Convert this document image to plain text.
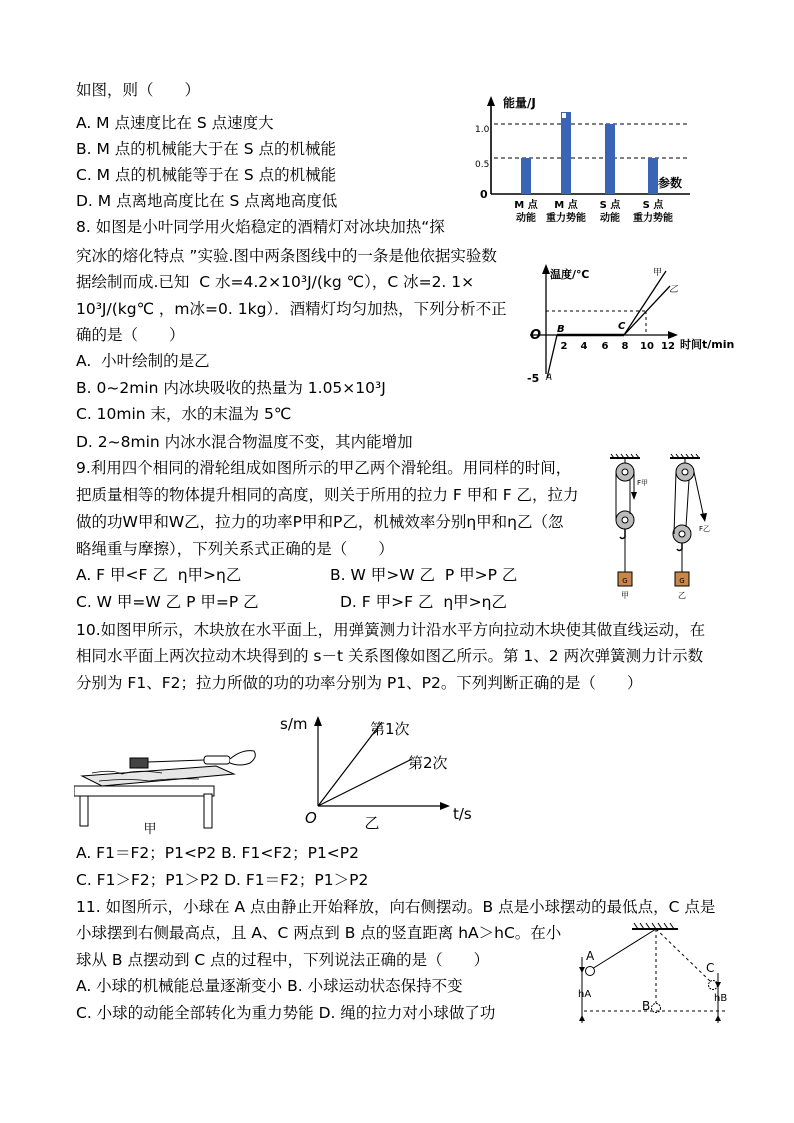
如图，则（　　）
A. M 点速度比在 S 点速度大
B. M 点的机械能大于在 S 点的机械能
C. M 点的机械能等于在 S 点的机械能
D. M 点离地高度比在 S 点离地高度低
能量/J
1.0
0.5
0
参数
M 点
动能
M 点
重力势能
S 点
动能
S 点
重力势能
8. 如图是小叶同学用火焰稳定的酒精灯对冰块加热“探
究冰的熔化特点 ”实验.图中两条图线中的一条是他依据实验数
据绘制而成.已知  C 水=4.2×10³J/(kg ℃），C 冰=2. 1×
10³J/(kg℃ ，m冰=0. 1kg）．酒精灯均匀加热，下列分析不正
确的是（　　）
A.  小叶绘制的是乙
B. 0~2min 内冰块吸收的热量为 1.05×10³J
C. 10min 末，水的末温为 5℃
D. 2~8min 内冰水混合物温度不变，其内能增加
温度/℃
时间t/min
O
2 4 6 8 10 12
-5 A
B	C
甲
乙
9.利用四个相同的滑轮组成如图所示的甲乙两个滑轮组。用同样的时间，
把质量相等的物体提升相同的高度，则关于所用的拉力 F 甲和 F 乙，拉力
做的功W甲和W乙，拉力的功率P甲和P乙，机械效率分别η甲和η乙（忽
略绳重与摩擦），下列关系式正确的是（　　）
A. F 甲<F 乙  η甲>η乙	B. W 甲>W 乙  P 甲>P 乙
C. W 甲=W 乙 P 甲=P 乙	D. F 甲>F 乙  η甲>η乙
F甲
G
甲
F乙
G
乙
10.如图甲所示，木块放在水平面上，用弹簧测力计沿水平方向拉动木块使其做直线运动，在
相同水平面上两次拉动木块得到的 s－t 关系图像如图乙所示。第 1、2 两次弹簧测力计示数
分别为 F1、F2；拉力所做的功的功率分别为 P1、P2。下列判断正确的是（　　）
甲
s/m
t/s
O
第1次
第2次
乙
A. F1＝F2；P1<P2 B. F1<F2；P1<P2
C. F1＞F2；P1＞P2 D. F1＝F2；P1＞P2
11. 如图所示，小球在 A 点由静止开始释放，向右侧摆动。B 点是小球摆动的最低点，C 点是
小球摆到右侧最高点，且 A、C 两点到 B 点的竖直距离 hA＞hC。在小
球从 B 点摆动到 C 点的过程中，下列说法正确的是（　　）
A. 小球的机械能总量逐渐变小 B. 小球运动状态保持不变
C. 小球的动能全部转化为重力势能 D. 绳的拉力对小球做了功
A
B
C
hA	hB
